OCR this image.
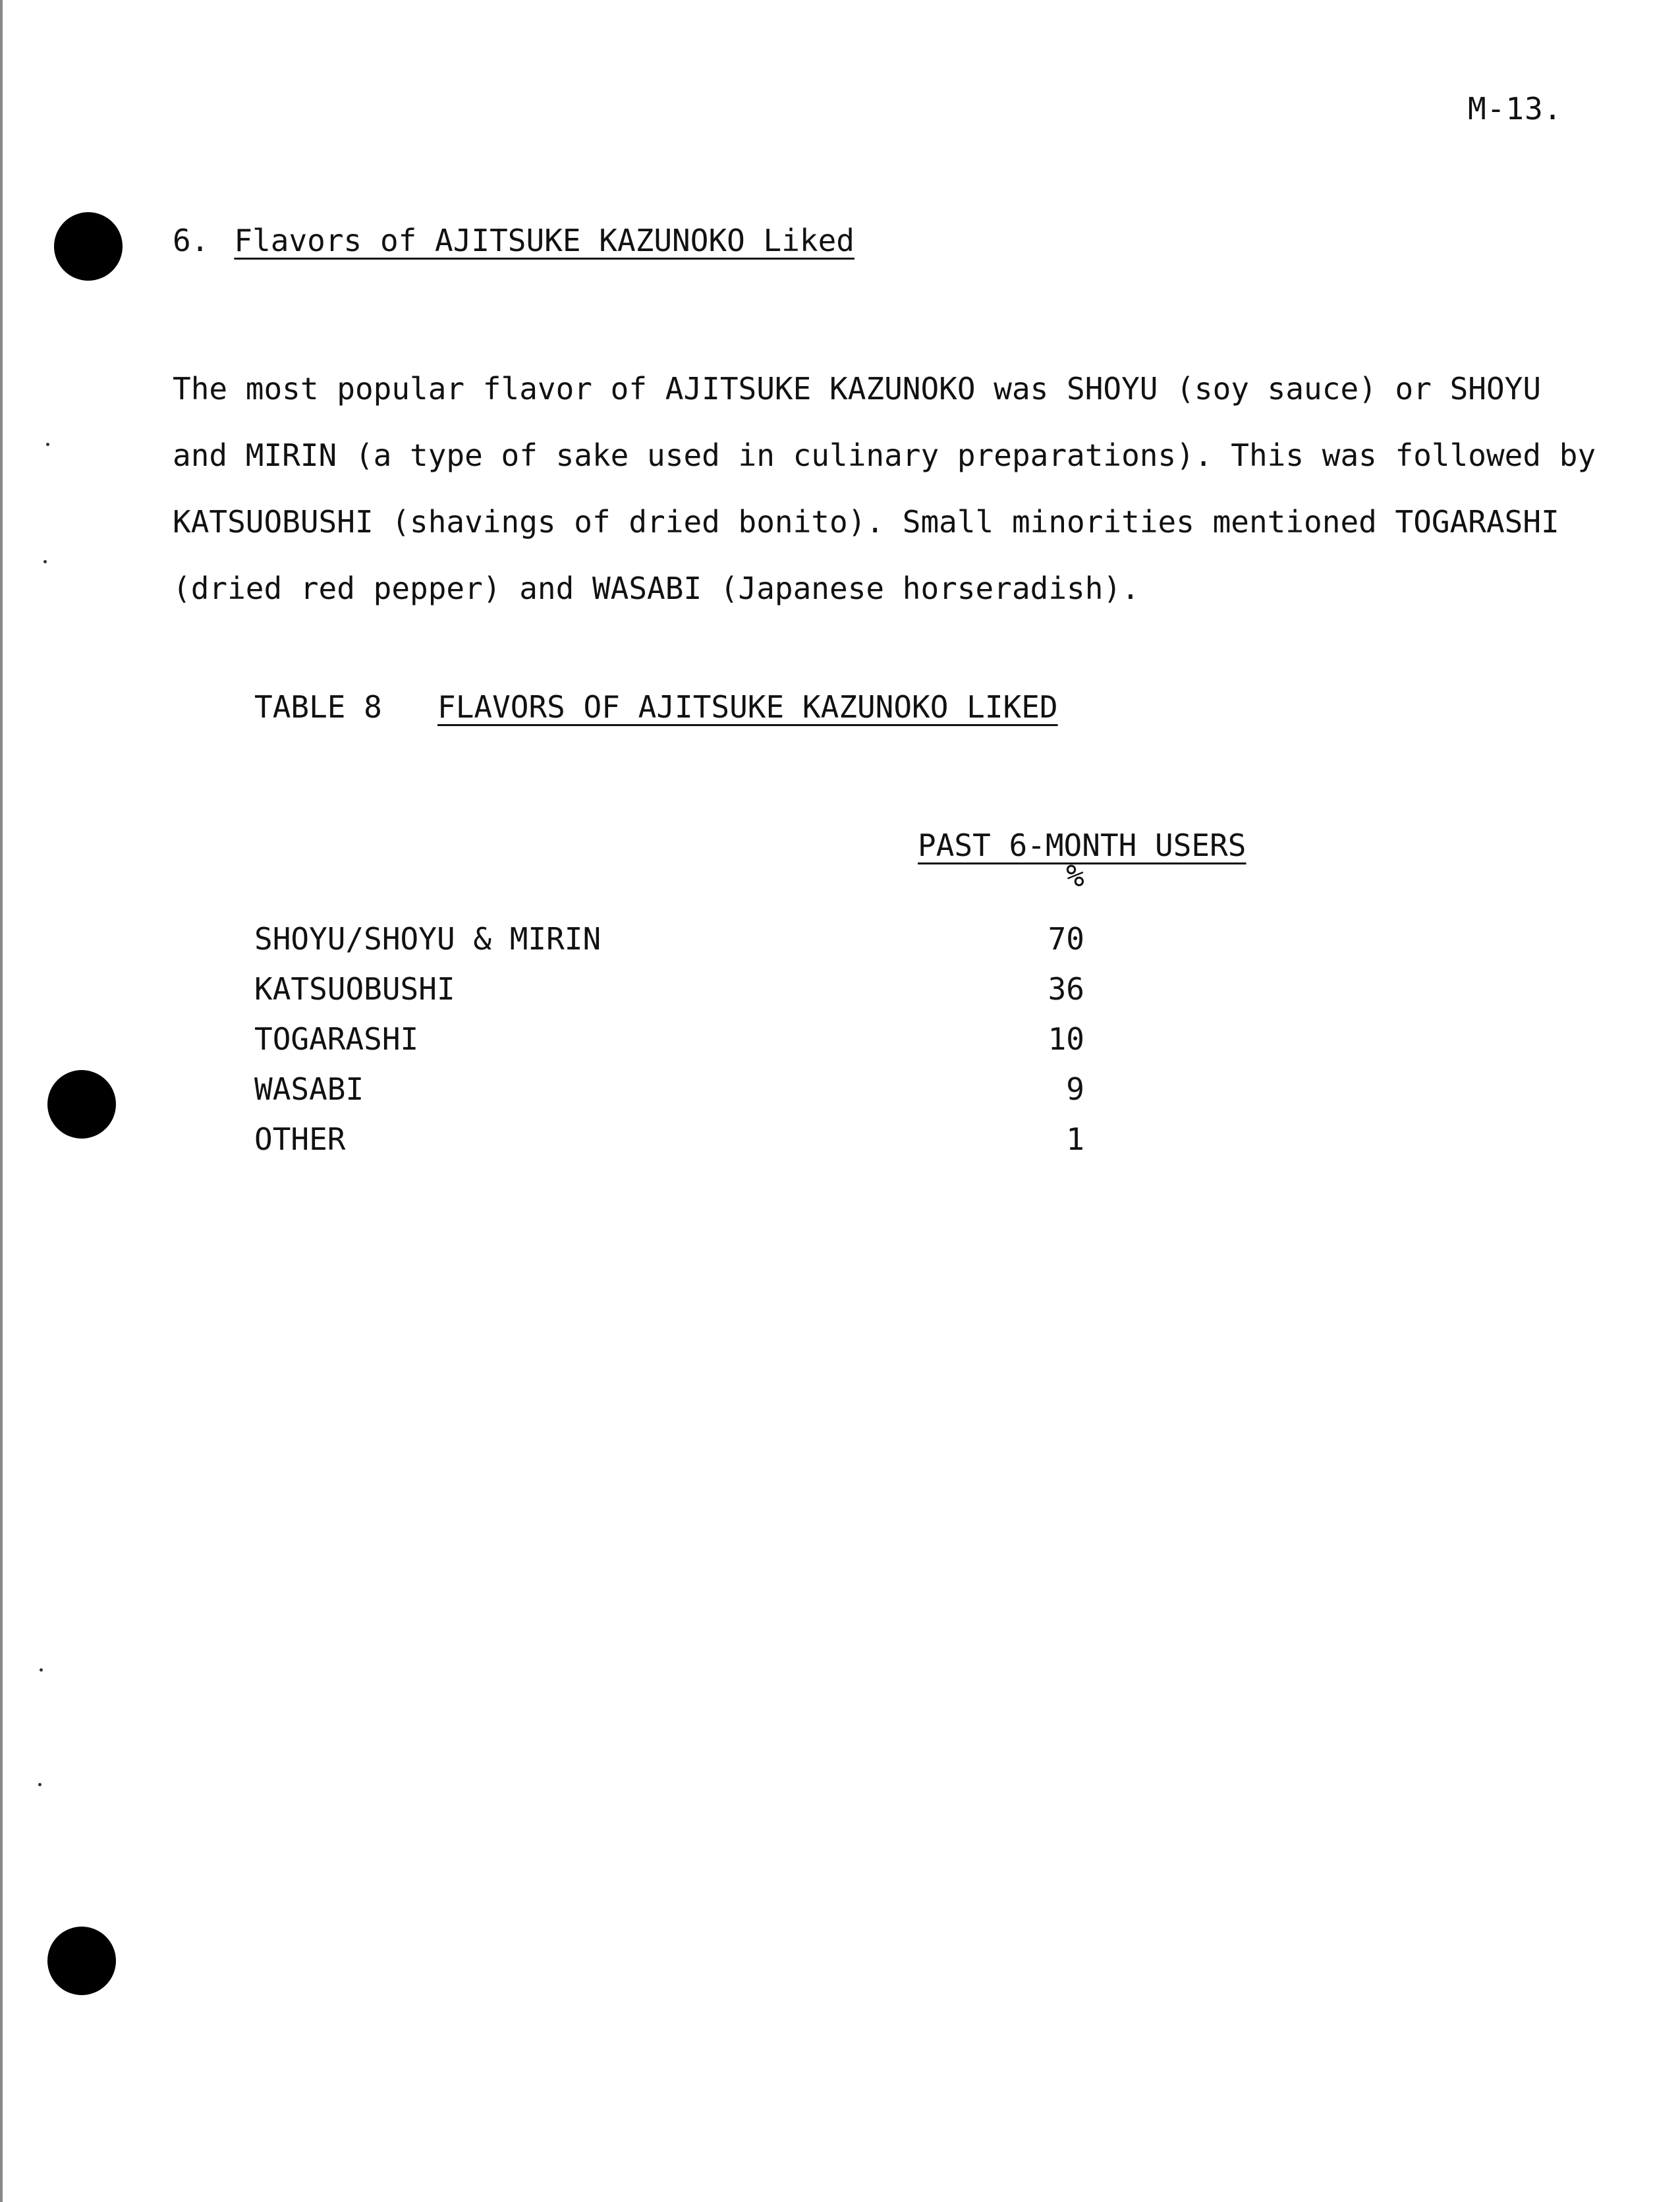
M-13.
6. Flavors of AJITSUKE KAZUNOKO Liked
The most popular flavor of AJITSUKE KAZUNOKO was SHOYU (soy sauce) or SHOYU
and MIRIN (a type of sake used in culinary preparations). This was followed by
KATSUOBUSHI (shavings of dried bonito). Small minorities mentioned TOGARASHI
(dried red pepper) and WASABI (Japanese horseradish).
TABLE 8 FLAVORS OF AJITSUKE KAZUNOKO LIKED
PAST 6-MONTH USERS
%
SHOYU/SHOYU & MIRIN	70
KATSUOBUSHI	36
TOGARASHI	10
WASABI	9
OTHER	1
